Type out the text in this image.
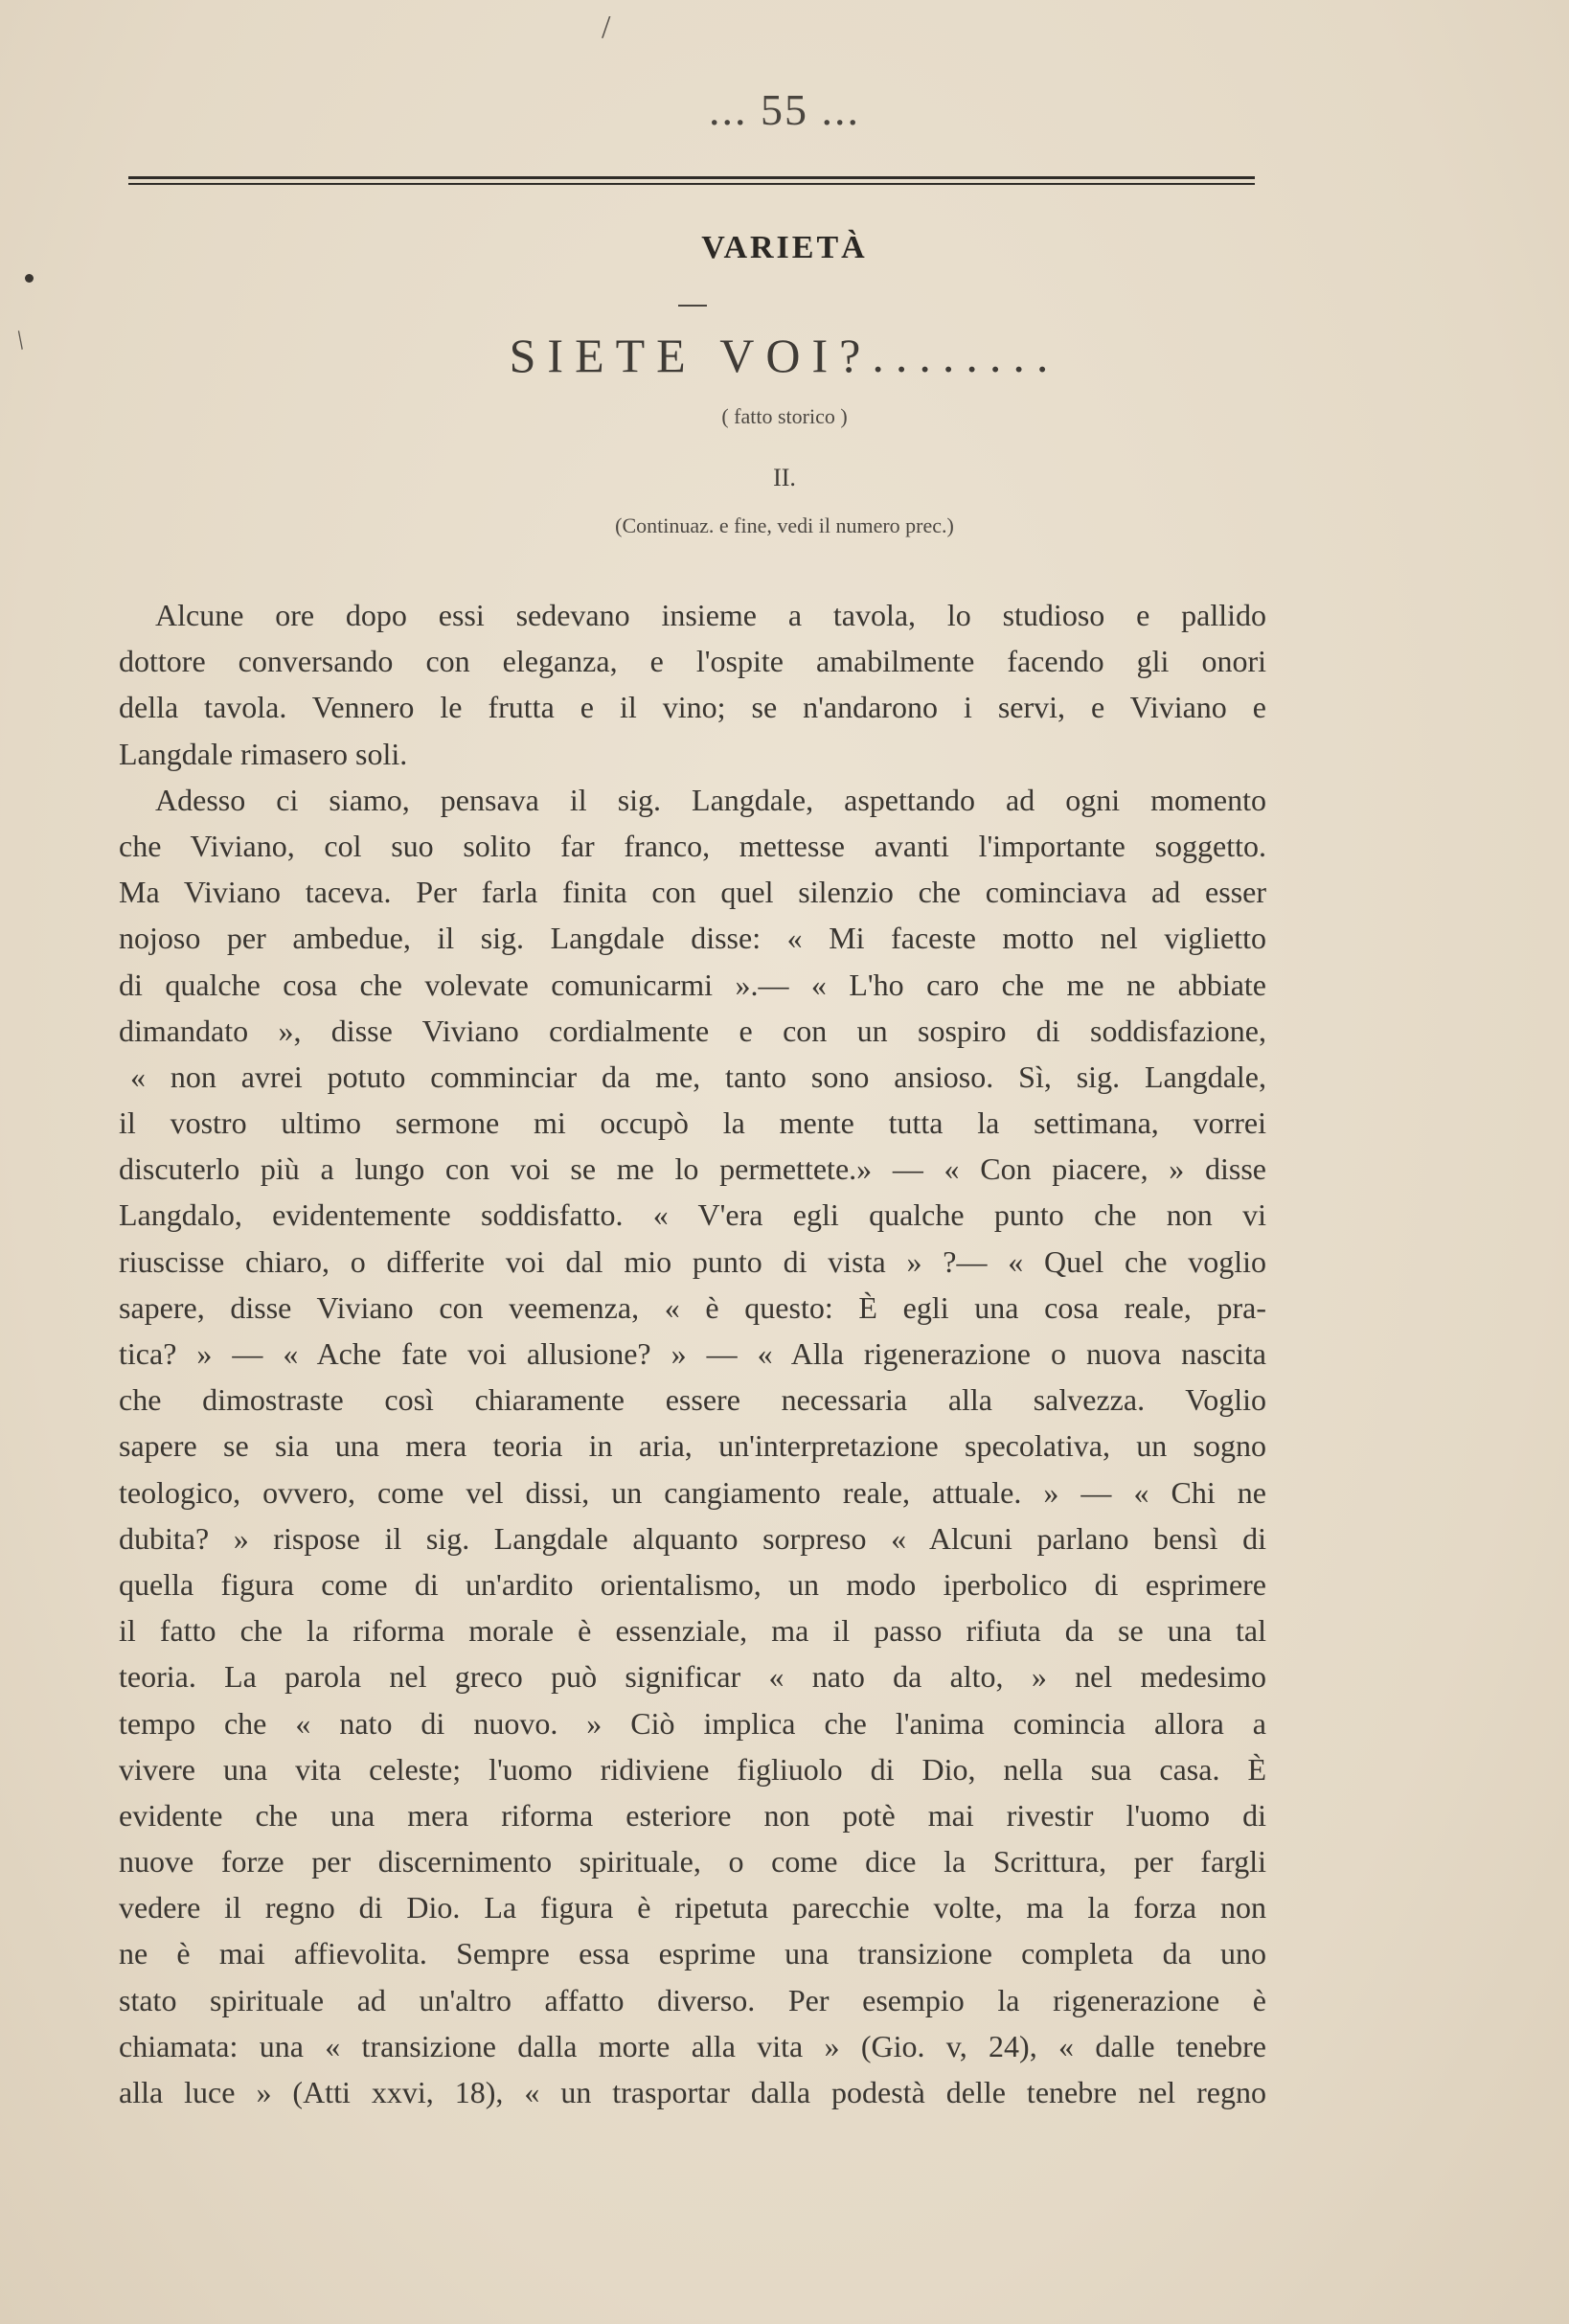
/
/
... 55 ...
VARIETÀ
SIETE VOI?........
( fatto storico )
II.
(Continuaz. e fine, vedi il numero prec.)
Alcune ore dopo essi sedevano insieme a tavola, lo studioso e pallido
dottore conversando con eleganza, e l'ospite amabilmente facendo gli onori
della tavola. Vennero le frutta e il vino; se n'andarono i servi, e Viviano e
Langdale rimasero soli.
Adesso ci siamo, pensava il sig. Langdale, aspettando ad ogni momento
che Viviano, col suo solito far franco, mettesse avanti l'importante soggetto.
Ma Viviano taceva. Per farla finita con quel silenzio che cominciava ad esser
nojoso per ambedue, il sig. Langdale disse: « Mi faceste motto nel viglietto
di qualche cosa che volevate comunicarmi ».— « L'ho caro che me ne abbiate
dimandato », disse Viviano cordialmente e con un sospiro di soddisfazione,
« non avrei potuto comminciar da me, tanto sono ansioso. Sì, sig. Langdale,
il vostro ultimo sermone mi occupò la mente tutta la settimana, vorrei
discuterlo più a lungo con voi se me lo permettete.» — « Con piacere, » disse
Langdalo, evidentemente soddisfatto. « V'era egli qualche punto che non vi
riuscisse chiaro, o differite voi dal mio punto di vista » ?— « Quel che voglio
sapere, disse Viviano con veemenza, « è questo: È egli una cosa reale, pra-
tica? » — « Ache fate voi allusione? » — « Alla rigenerazione o nuova nascita
che dimostraste così chiaramente essere necessaria alla salvezza. Voglio
sapere se sia una mera teoria in aria, un'interpretazione specolativa, un sogno
teologico, ovvero, come vel dissi, un cangiamento reale, attuale. » — « Chi ne
dubita? » rispose il sig. Langdale alquanto sorpreso « Alcuni parlano bensì di
quella figura come di un'ardito orientalismo, un modo iperbolico di esprimere
il fatto che la riforma morale è essenziale, ma il passo rifiuta da se una tal
teoria. La parola nel greco può significar « nato da alto, » nel medesimo
tempo che « nato di nuovo. » Ciò implica che l'anima comincia allora a
vivere una vita celeste; l'uomo ridiviene figliuolo di Dio, nella sua casa. È
evidente che una mera riforma esteriore non potè mai rivestir l'uomo di
nuove forze per discernimento spirituale, o come dice la Scrittura, per fargli
vedere il regno di Dio. La figura è ripetuta parecchie volte, ma la forza non
ne è mai affievolita. Sempre essa esprime una transizione completa da uno
stato spirituale ad un'altro affatto diverso. Per esempio la rigenerazione è
chiamata: una « transizione dalla morte alla vita » (Gio. v, 24), « dalle tenebre
alla luce » (Atti xxvi, 18), « un trasportar dalla podestà delle tenebre nel regno
